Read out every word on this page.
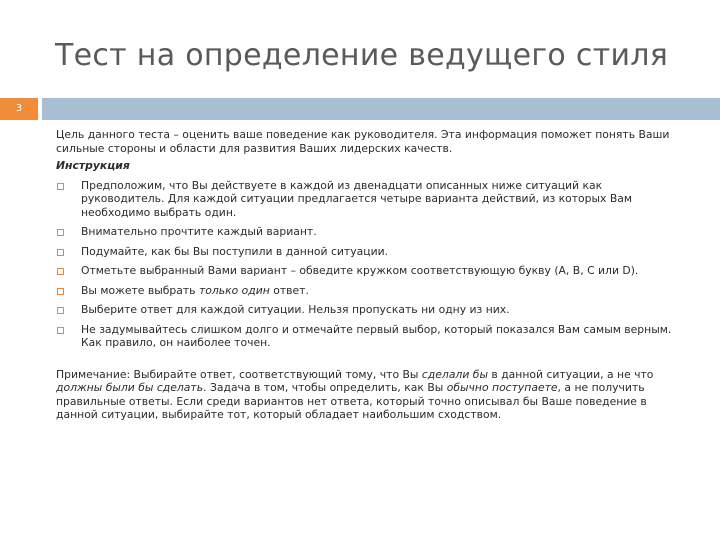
Тест на определение ведущего стиля
3

Цель данного теста – оценить ваше поведение как руководителя. Эта информация поможет понять Ваши сильные стороны и области для развития Ваших лидерских качеств.

Инструкция

Предположим, что Вы действуете в каждой из двенадцати описанных ниже ситуаций как руководитель. Для каждой ситуации предлагается четыре варианта действий, из которых Вам необходимо выбрать один.
Внимательно прочтите каждый вариант.
Подумайте, как бы Вы поступили в данной ситуации.
Отметьте выбранный Вами вариант – обведите кружком соответствующую букву (A, B, C или D).
Вы можете выбрать только один ответ.
Выберите ответ для каждой ситуации. Нельзя пропускать ни одну из них.
Не задумывайтесь слишком долго и отмечайте первый выбор, который показался Вам самым верным. Как правило, он наиболее точен.

Примечание: Выбирайте ответ, соответствующий тому, что Вы сделали бы в данной ситуации, а не что должны были бы сделать. Задача в том, чтобы определить, как Вы обычно поступаете, а не получить правильные ответы. Если среди вариантов нет ответа, который точно описывал бы Ваше поведение в данной ситуации, выбирайте тот, который обладает наибольшим сходством.
